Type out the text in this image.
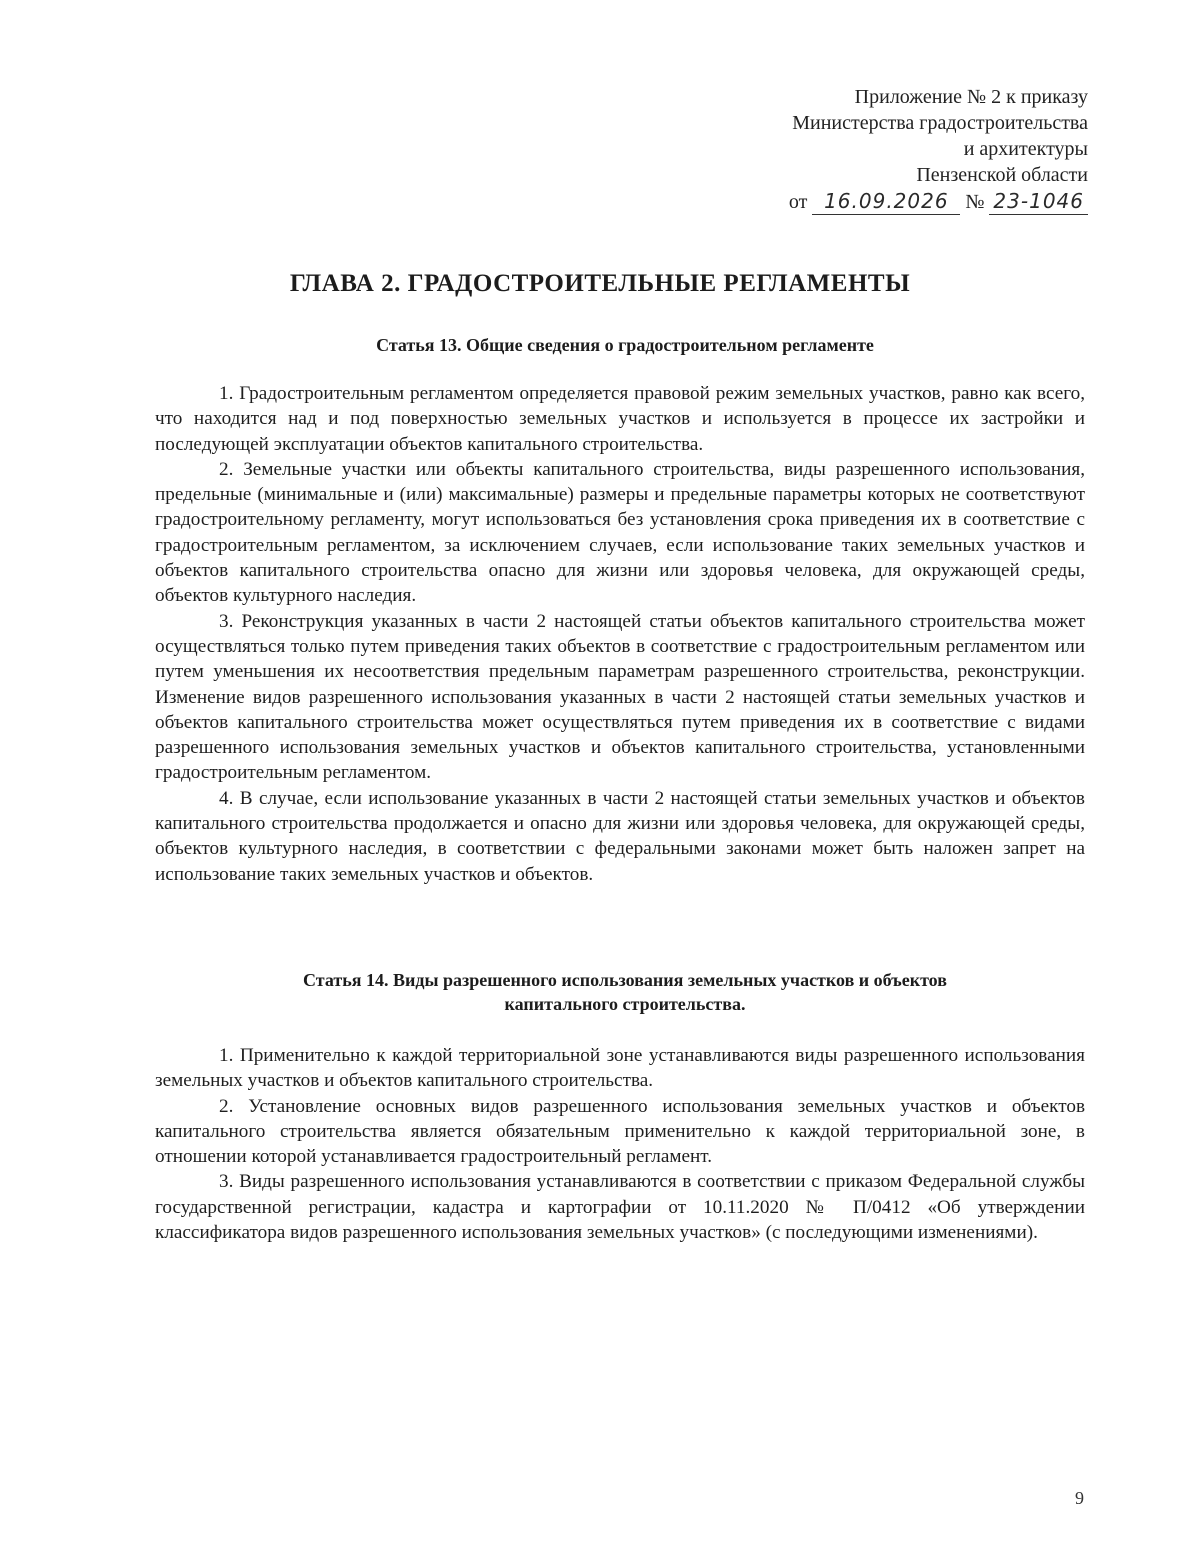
Приложение № 2 к приказу
Министерства градостроительства
и архитектуры
Пензенской области
от 16.09.2026 № 23-1046
ГЛАВА 2. ГРАДОСТРОИТЕЛЬНЫЕ РЕГЛАМЕНТЫ
Статья 13. Общие сведения о градостроительном регламенте

1. Градостроительным регламентом определяется правовой режим земельных участков, равно как всего, что находится над и под поверхностью земельных участков и используется в процессе их застройки и последующей эксплуатации объектов капитального строительства.

2. Земельные участки или объекты капитального строительства, виды разрешенного использования, предельные (минимальные и (или) максимальные) размеры и предельные параметры которых не соответствуют градостроительному регламенту, могут использоваться без установления срока приведения их в соответствие с градостроительным регламентом, за исключением случаев, если использование таких земельных участков и объектов капитального строительства опасно для жизни или здоровья человека, для окружающей среды, объектов культурного наследия.

3. Реконструкция указанных в части 2 настоящей статьи объектов капитального строительства может осуществляться только путем приведения таких объектов в соответствие с градостроительным регламентом или путем уменьшения их несоответствия предельным параметрам разрешенного строительства, реконструкции. Изменение видов разрешенного использования указанных в части 2 настоящей статьи земельных участков и объектов капитального строительства может осуществляться путем приведения их в соответствие с видами разрешенного использования земельных участков и объектов капитального строительства, установленными градостроительным регламентом.

4. В случае, если использование указанных в части 2 настоящей статьи земельных участков и объектов капитального строительства продолжается и опасно для жизни или здоровья человека, для окружающей среды, объектов культурного наследия, в соответствии с федеральными законами может быть наложен запрет на использование таких земельных участков и объектов.

Статья 14. Виды разрешенного использования земельных участков и объектов
капитального строительства.

1. Применительно к каждой территориальной зоне устанавливаются виды разрешенного использования земельных участков и объектов капитального строительства.

2. Установление основных видов разрешенного использования земельных участков и объектов капитального строительства является обязательным применительно к каждой территориальной зоне, в отношении которой устанавливается градостроительный регламент.

3. Виды разрешенного использования устанавливаются в соответствии с приказом Федеральной службы государственной регистрации, кадастра и картографии от 10.11.2020 № П/0412 «Об утверждении классификатора видов разрешенного использования земельных участков» (с последующими изменениями).

9
